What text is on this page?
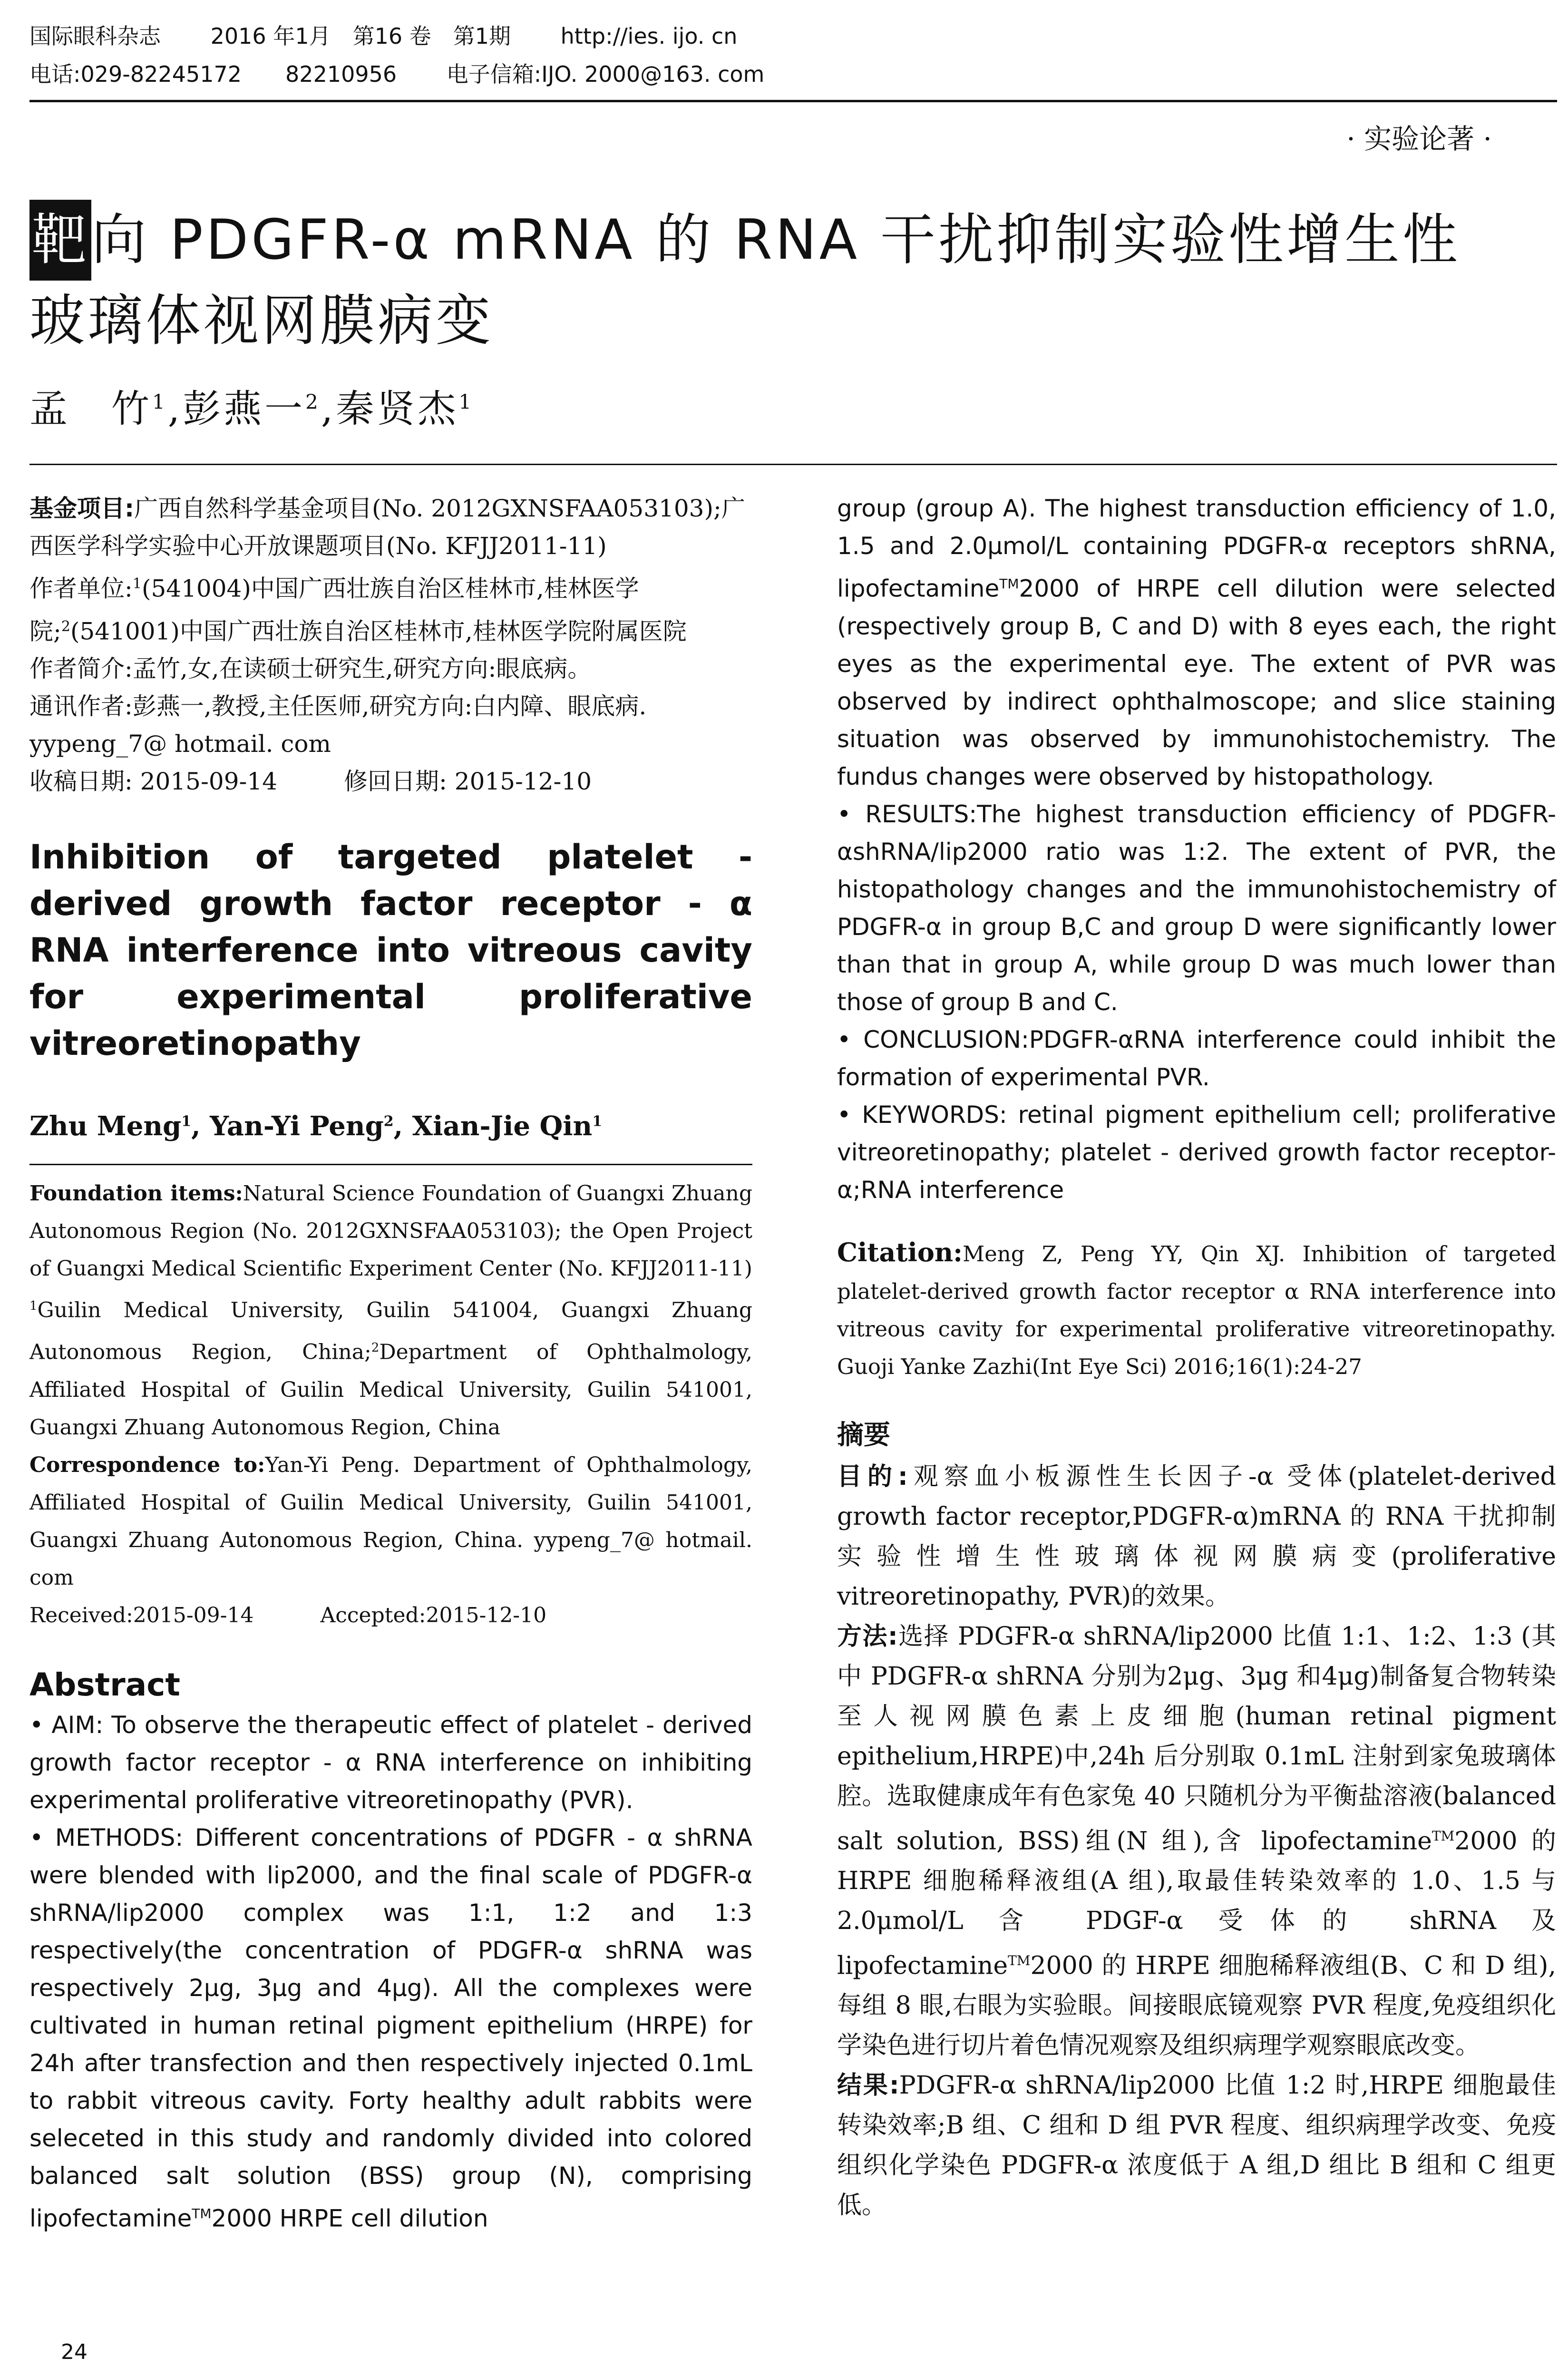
国际眼科杂志 2016 年1月　第16 卷　第1期 http://ies. ijo. cn
电话:029-82245172　　82210956 电子信箱:IJO. 2000@163. com
· 实验论著 ·
靶向 PDGFR-α mRNA 的 RNA 干扰抑制实验性增生性
玻璃体视网膜病变
孟　竹$^1$,彭燕一$^2$,秦贤杰$^1$
基金项目:广西自然科学基金项目(No. 2012GXNSFAA053103);广西医学科学实验中心开放课题项目(No. KFJJ2011-11)
作者单位:$^1$(541004)中国广西壮族自治区桂林市,桂林医学院;$^2$(541001)中国广西壮族自治区桂林市,桂林医学院附属医院
作者简介:孟竹,女,在读硕士研究生,研究方向:眼底病。
通讯作者:彭燕一,教授,主任医师,研究方向:白内障、眼底病. yypeng_7@ hotmail. com
收稿日期: 2015-09-14	修回日期: 2015-12-10
Inhibition of targeted platelet - derived growth factor receptor - α RNA interference into vitreous cavity for experimental proliferative vitreoretinopathy
Zhu Meng$^1$, Yan-Yi Peng$^2$, Xian-Jie Qin$^1$
Foundation items:Natural Science Foundation of Guangxi Zhuang Autonomous Region (No. 2012GXNSFAA053103); the Open Project of Guangxi Medical Scientific Experiment Center (No. KFJJ2011-11)
$^1$Guilin Medical University, Guilin 541004, Guangxi Zhuang Autonomous Region, China;$^2$Department of Ophthalmology, Affiliated Hospital of Guilin Medical University, Guilin 541001, Guangxi Zhuang Autonomous Region, China
Correspondence to:Yan-Yi Peng. Department of Ophthalmology, Affiliated Hospital of Guilin Medical University, Guilin 541001, Guangxi Zhuang Autonomous Region, China. yypeng_7@ hotmail. com
Received:2015-09-14	Accepted:2015-12-10
Abstract

• AIM: To observe the therapeutic effect of platelet - derived growth factor receptor - α RNA interference on inhibiting experimental proliferative vitreoretinopathy (PVR).

• METHODS: Different concentrations of PDGFR - α shRNA were blended with lip2000, and the final scale of PDGFR-α shRNA/lip2000 complex was 1:1, 1:2 and 1:3 respectively(the concentration of PDGFR-α shRNA was respectively 2μg, 3μg and 4μg). All the complexes were cultivated in human retinal pigment epithelium (HRPE) for 24h after transfection and then respectively injected 0.1mL to rabbit vitreous cavity. Forty healthy adult rabbits were seleceted in this study and randomly divided into colored balanced salt solution (BSS) group (N), comprising lipofectamine™2000 HRPE cell dilution

group (group A). The highest transduction efficiency of 1.0, 1.5 and 2.0μmol/L containing PDGFR-α receptors shRNA, lipofectamine™2000 of HRPE cell dilution were selected (respectively group B, C and D) with 8 eyes each, the right eyes as the experimental eye. The extent of PVR was observed by indirect ophthalmoscope; and slice staining situation was observed by immunohistochemistry. The fundus changes were observed by histopathology.

• RESULTS:The highest transduction efficiency of PDGFR-αshRNA/lip2000 ratio was 1:2. The extent of PVR, the histopathology changes and the immunohistochemistry of PDGFR-α in group B,C and group D were significantly lower than that in group A, while group D was much lower than those of group B and C.

• CONCLUSION:PDGFR-αRNA interference could inhibit the formation of experimental PVR.

• KEYWORDS: retinal pigment epithelium cell; proliferative vitreoretinopathy; platelet - derived growth factor receptor-α;RNA interference

Citation:Meng Z, Peng YY, Qin XJ. Inhibition of targeted platelet-derived growth factor receptor α RNA interference into vitreous cavity for experimental proliferative vitreoretinopathy. Guoji Yanke Zazhi(Int Eye Sci) 2016;16(1):24-27
摘要

目的:观察血小板源性生长因子-α 受体(platelet-derived growth factor receptor,PDGFR-α)mRNA 的 RNA 干扰抑制实验性增生性玻璃体视网膜病变(proliferative vitreoretinopathy, PVR)的效果。

方法:选择 PDGFR-α shRNA/lip2000 比值 1:1、1:2、1:3 (其中 PDGFR-α shRNA 分别为2μg、3μg 和4μg)制备复合物转染至人视网膜色素上皮细胞(human retinal pigment epithelium,HRPE)中,24h 后分别取 0.1mL 注射到家兔玻璃体腔。选取健康成年有色家兔 40 只随机分为平衡盐溶液(balanced salt solution, BSS)组(N 组),含 lipofectamine™2000 的 HRPE 细胞稀释液组(A 组),取最佳转染效率的 1.0、1.5 与 2.0μmol/L 含 PDGF-α 受体的 shRNA 及 lipofectamine™2000 的 HRPE 细胞稀释液组(B、C 和 D 组),每组 8 眼,右眼为实验眼。间接眼底镜观察 PVR 程度,免疫组织化学染色进行切片着色情况观察及组织病理学观察眼底改变。

结果:PDGFR-α shRNA/lip2000 比值 1:2 时,HRPE 细胞最佳转染效率;B 组、C 组和 D 组 PVR 程度、组织病理学改变、免疫组织化学染色 PDGFR-α 浓度低于 A 组,D 组比 B 组和 C 组更低。

24
